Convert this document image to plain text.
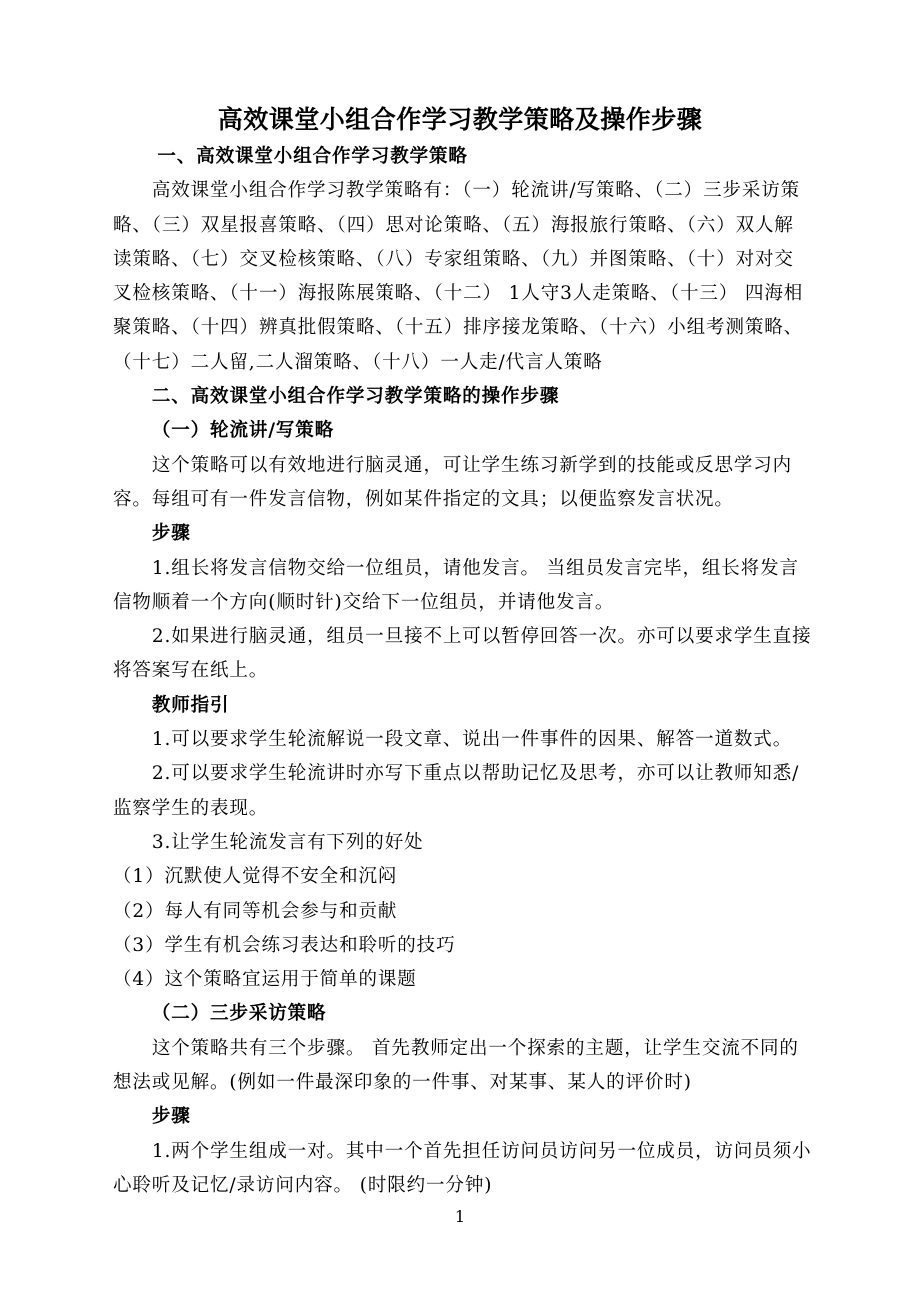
高效课堂小组合作学习教学策略及操作步骤

一、高效课堂小组合作学习教学策略

高效课堂小组合作学习教学策略有：（一）轮流讲/写策略、（二）三步采访策略、（三）双星报喜策略、（四）思对论策略、（五）海报旅行策略、（六）双人解读策略、（七）交叉检核策略、（八）专家组策略、（九）并图策略、（十）对对交叉检核策略、（十一）海报陈展策略、（十二） 1人守3人走策略、（十三） 四海相聚策略、（十四）辨真批假策略、（十五）排序接龙策略、（十六）小组考测策略、（十七）二人留,二人溜策略、（十八）一人走/代言人策略

二、高效课堂小组合作学习教学策略的操作步骤

（一）轮流讲/写策略

这个策略可以有效地进行脑灵通，可让学生练习新学到的技能或反思学习内容。每组可有一件发言信物，例如某件指定的文具；以便监察发言状况。

步骤

1.组长将发言信物交给一位组员，请他发言。 当组员发言完毕，组长将发言信物顺着一个方向(顺时针)交给下一位组员，并请他发言。

2.如果进行脑灵通，组员一旦接不上可以暂停回答一次。亦可以要求学生直接将答案写在纸上。

教师指引

1.可以要求学生轮流解说一段文章、说出一件事件的因果、解答一道数式。

2.可以要求学生轮流讲时亦写下重点以帮助记忆及思考，亦可以让教师知悉/监察学生的表现。

3.让学生轮流发言有下列的好处

（1）沉默使人觉得不安全和沉闷

（2）每人有同等机会参与和贡献

（3）学生有机会练习表达和聆听的技巧

（4）这个策略宜运用于简单的课题

（二）三步采访策略

这个策略共有三个步骤。 首先教师定出一个探索的主题，让学生交流不同的想法或见解。(例如一件最深印象的一件事、对某事、某人的评价时)

步骤

1.两个学生组成一对。其中一个首先担任访问员访问另一位成员，访问员须小心聆听及记忆/录访问内容。 (时限约一分钟)

1
